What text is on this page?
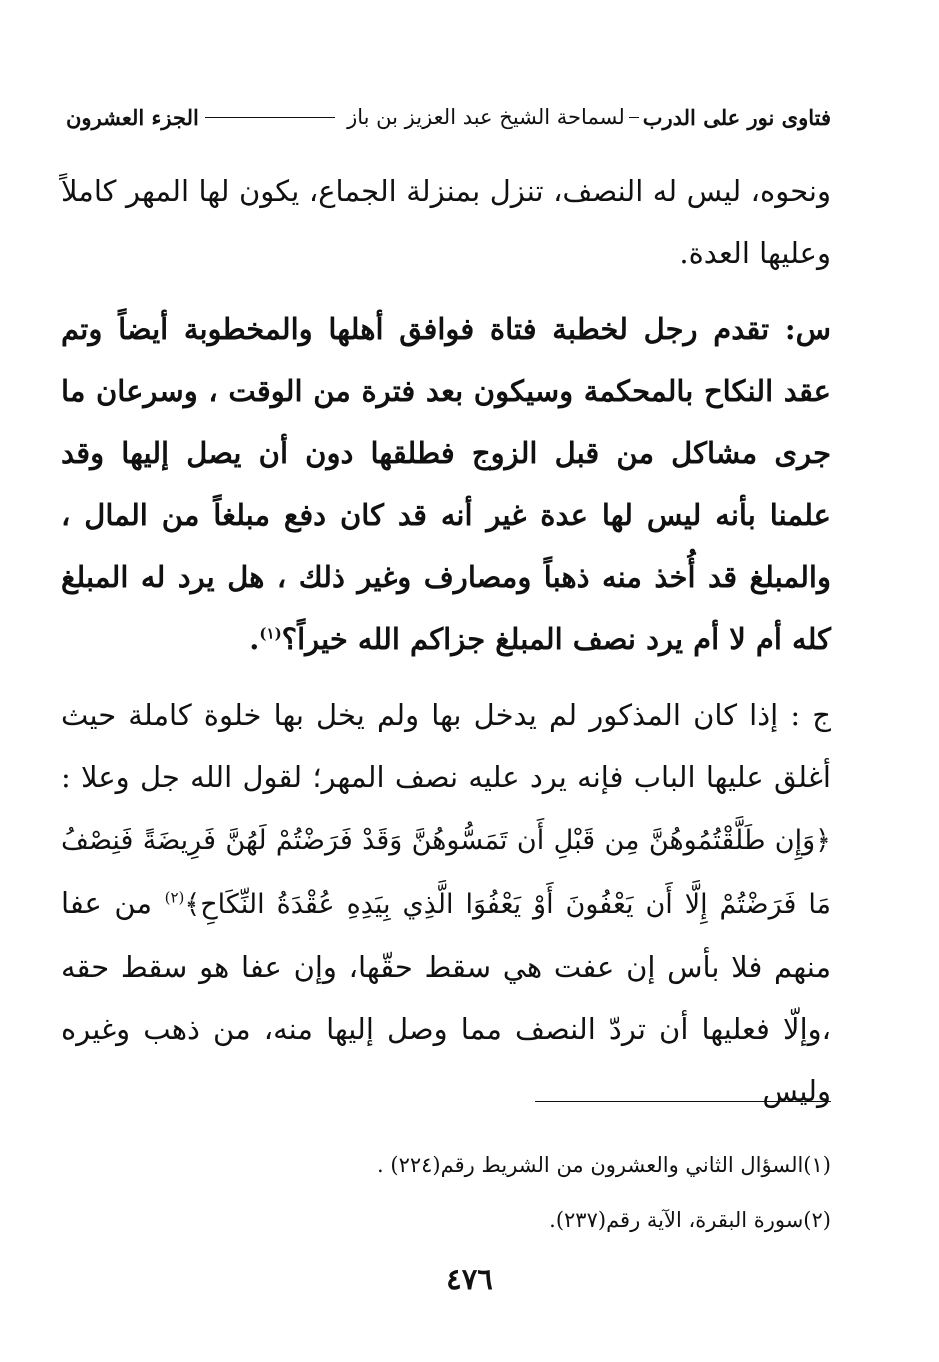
فتاوى نور على الدرب
لسماحة الشيخ عبد العزيز بن باز
الجزء العشرون

ونحوه، ليس له النصف، تنزل بمنزلة الجماع، يكون لها المهر كاملاً وعليها العدة.

س: تقدم رجل لخطبة فتاة فوافق أهلها والمخطوبة أيضاً وتم عقد النكاح بالمحكمة وسيكون بعد فترة من الوقت ، وسرعان ما جرى مشاكل من قبل الزوج فطلقها دون أن يصل إليها وقد علمنا بأنه ليس لها عدة غير أنه قد كان دفع مبلغاً من المال ، والمبلغ قد أُخذ منه ذهباً ومصارف وغير ذلك ، هل يرد له المبلغ كله أم لا أم يرد نصف المبلغ جزاكم الله خيراً؟$^{(١)}$.

ج : إذا كان المذكور لم يدخل بها ولم يخل بها خلوة كاملة حيث أغلق عليها الباب فإنه يرد عليه نصف المهر؛ لقول الله جل وعلا : ﴿وَإِن طَلَّقْتُمُوهُنَّ مِن قَبْلِ أَن تَمَسُّوهُنَّ وَقَدْ فَرَضْتُمْ لَهُنَّ فَرِيضَةً فَنِصْفُ مَا فَرَضْتُمْ إِلَّا أَن يَعْفُونَ أَوْ يَعْفُوَا الَّذِي بِيَدِهِ عُقْدَةُ النِّكَاحِ﴾$^{(٢)}$ من عفا منهم فلا بأس إن عفت هي سقط حقّها، وإن عفا هو سقط حقه ،وإلّا فعليها أن تردّ النصف مما وصل إليها منه، من ذهب وغيره وليس

(١)السؤال الثاني والعشرون من الشريط رقم(٢٢٤) .
(٢)سورة البقرة، الآية رقم(٢٣٧).
٤٧٦
